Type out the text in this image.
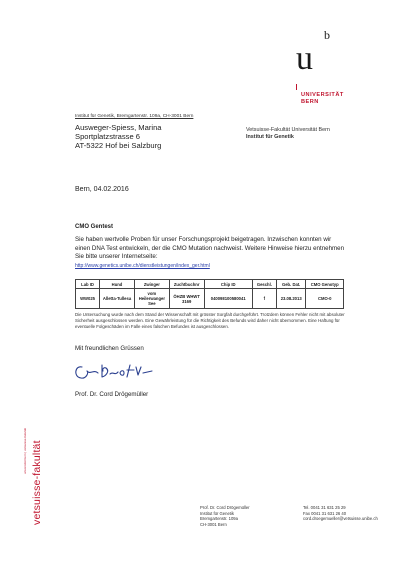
b
u
UNIVERSITÄT
BERN
Institut für Genetik, Bremgartenstr. 109a, CH-3001 Bern
Ausweger-Spiess, Marina
Sportplatzstrasse 6
AT-5322 Hof bei Salzburg
Vetsuisse-Fakultät Universität Bern
Institut für Genetik
Bern, 04.02.2016
CMO Gentest
Sie haben wertvolle Proben für unser Forschungsprojekt beigetragen. Inzwischen konnten wir einen DNA Test entwickeln, der die CMO Mutation nachweist. Weitere Hinweise hierzu entnehmen Sie bitte unserer Internetseite:
http://www.genetics.unibe.ch/dienstleistungen/index_ger.html
Lab ID	Hund	Zwinger	Zuchtbuchnr	Chip ID	Geschl.	Geb. Dat.	CMO Genotyp
WW025	Alletta-Tullesa	vom Heilerwanger See	ÖHZB WHWT 3169	040098100580041	f	23.08.2013	CMO-0
Die Untersuchung wurde nach dem Stand der Wissenschaft mit grösster Sorgfalt durchgeführt. Trotzdem können Fehler nicht mit absoluter Sicherheit ausgeschlossen werden. Eine Gewährleistung für die Richtigkeit des Befunds wird daher nicht übernommen. Eine Haftung für eventuelle Folgeschäden im Falle eines falschen Befundes ist ausgeschlossen.
Mit freundlichen Grüssen
Prof. Dr. Cord Drögemüller
universität bern | vetsuisse-fakultät vetsuisse-fakultät	Prof. Dr. Cord Drögemüller
Institut für Genetik
Bremgartenstr. 109a
CH-3001 Bern
Tel. 0041 31 631 25 29
Fax 0041 31 631 26 40
cord.droegemueller@vetsuisse.unibe.ch
